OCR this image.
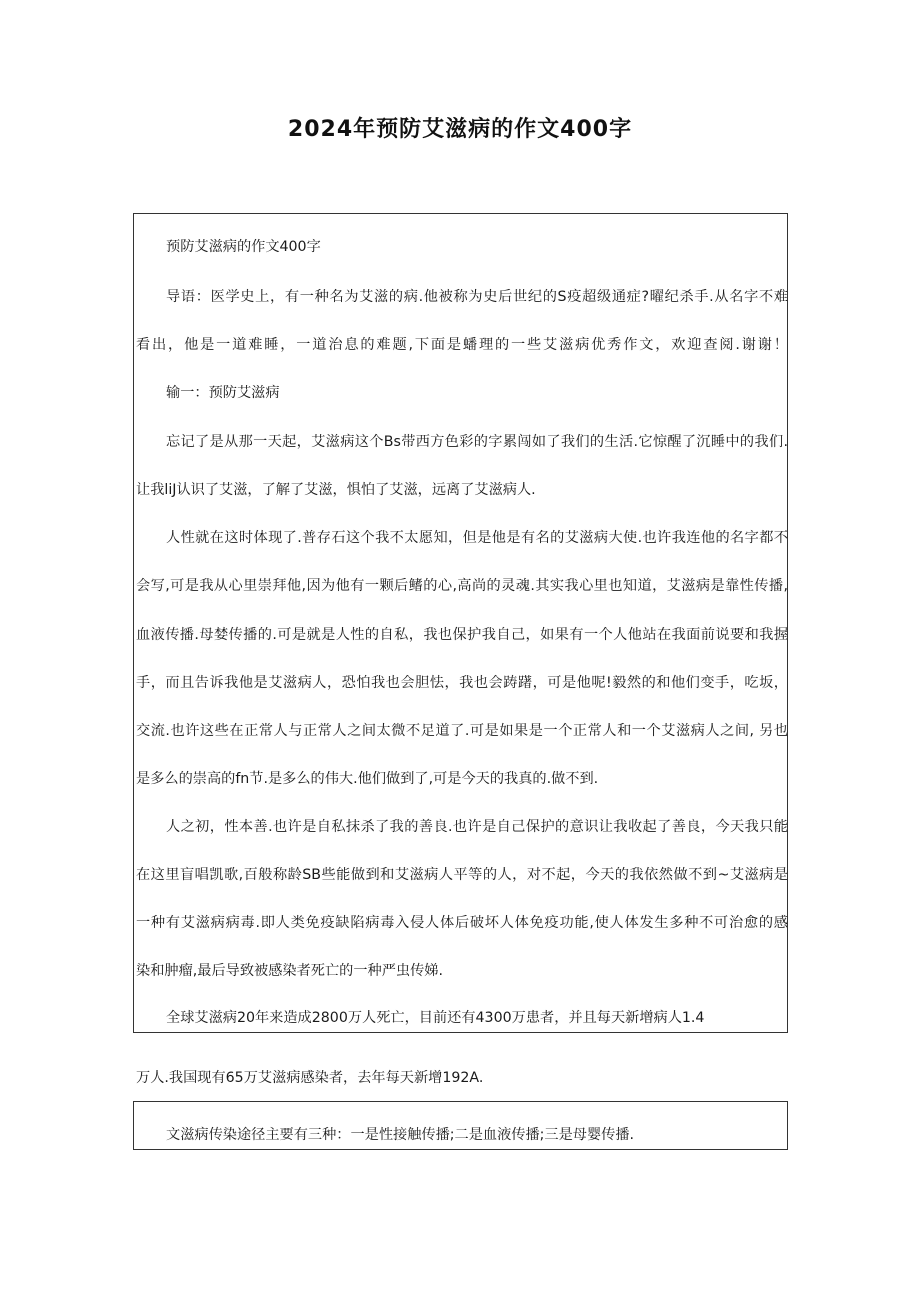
2024年预防艾滋病的作文400字
预防艾滋病的作文400字
导语：医学史上，有一种名为艾滋的病.他被称为史后世纪的S疫超级通症?曜纪杀手.从名字不难
看出，他是一道难睡，一道治息的难题,下面是蟠理的一些艾滋病优秀作文，欢迎查阅.谢谢！
输一：预防艾滋病
忘记了是从那一天起，艾滋病这个Bs带西方色彩的字累闯如了我们的生活.它惊醒了沉睡中的我们.
让我liJ认识了艾滋，了解了艾滋，惧怕了艾滋，远离了艾滋病人.
人性就在这时体现了.普存石这个我不太愿知，但是他是有名的艾滋病大使.也许我连他的名字都不
会写,可是我从心里崇拜他,因为他有一颗后鳍的心,高尚的灵魂.其实我心里也知道，艾滋病是靠性传播,
血液传播.母婪传播的.可是就是人性的自私，我也保护我自己，如果有一个人他站在我面前说要和我握
手，而且告诉我他是艾滋病人，恐怕我也会胆怯，我也会踌躇，可是他呢!毅然的和他们变手，吃坂，
交流.也许这些在正常人与正常人之间太微不足道了.可是如果是一个正常人和一个艾滋病人之间, 另也
是多么的崇高的fn节.是多么的伟大.他们做到了,可是今天的我真的.做不到.
人之初，性本善.也许是自私抹杀了我的善良.也许是自己保护的意识让我收起了善良，今天我只能
在这里盲唱凯歌,百般称龄SB些能做到和艾滋病人平等的人，对不起，今天的我依然做不到~艾滋病是
一种有艾滋病病毒.即人类免疫缺陷病毒入侵人体后破坏人体免疫功能,使人体发生多种不可治愈的感
染和肿瘤,最后导致被感染者死亡的一种严虫传娣.
全球艾滋病20年来造成2800万人死亡，目前还有4300万患者，并且每天新增病人1.4
万人.我国现有65万艾滋病感染者，去年每天新增192A.
文滋病传染途径主要有三种：一是性接触传播;二是血液传播;三是母婴传播.
